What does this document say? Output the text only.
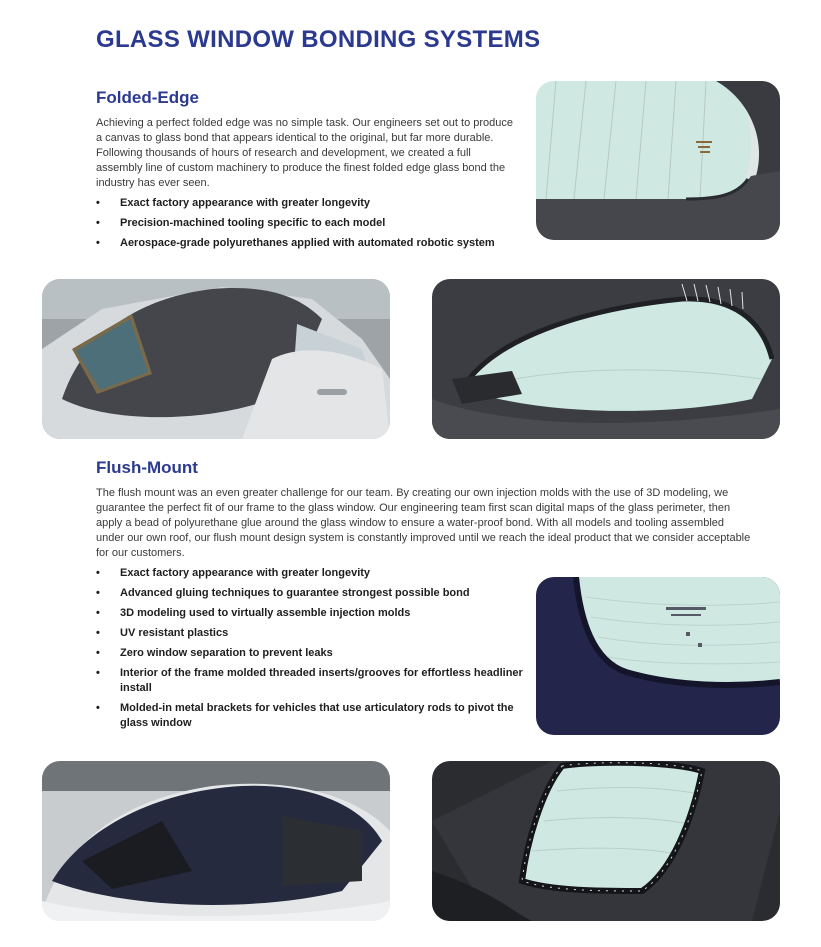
GLASS WINDOW BONDING SYSTEMS
Folded-Edge

Achieving a perfect folded edge was no simple task. Our engineers set out to produce a canvas to glass bond that appears identical to the original, but far more durable. Following thousands of hours of research and development, we created a full assembly line of custom machinery to produce the finest folded edge glass bond the industry has ever seen.

• Exact factory appearance with greater longevity
• Precision-machined tooling specific to each model
• Aerospace-grade polyurethanes applied with automated robotic system
Flush-Mount

The flush mount was an even greater challenge for our team. By creating our own injection molds with the use of 3D modeling, we guarantee the perfect fit of our frame to the glass window. Our engineering team first scan digital maps of the glass perimeter, then apply a bead of polyurethane glue around the glass window to ensure a water-proof bond. With all models and tooling assembled under our own roof, our flush mount design system is constantly improved until we reach the ideal product that we consider acceptable for our customers.

• Exact factory appearance with greater longevity
• Advanced gluing techniques to guarantee strongest possible bond
• 3D modeling used to virtually assemble injection molds
• UV resistant plastics
• Zero window separation to prevent leaks
• Interior of the frame molded threaded inserts/grooves for effortless headliner install
• Molded-in metal brackets for vehicles that use articulatory rods to pivot the glass window
